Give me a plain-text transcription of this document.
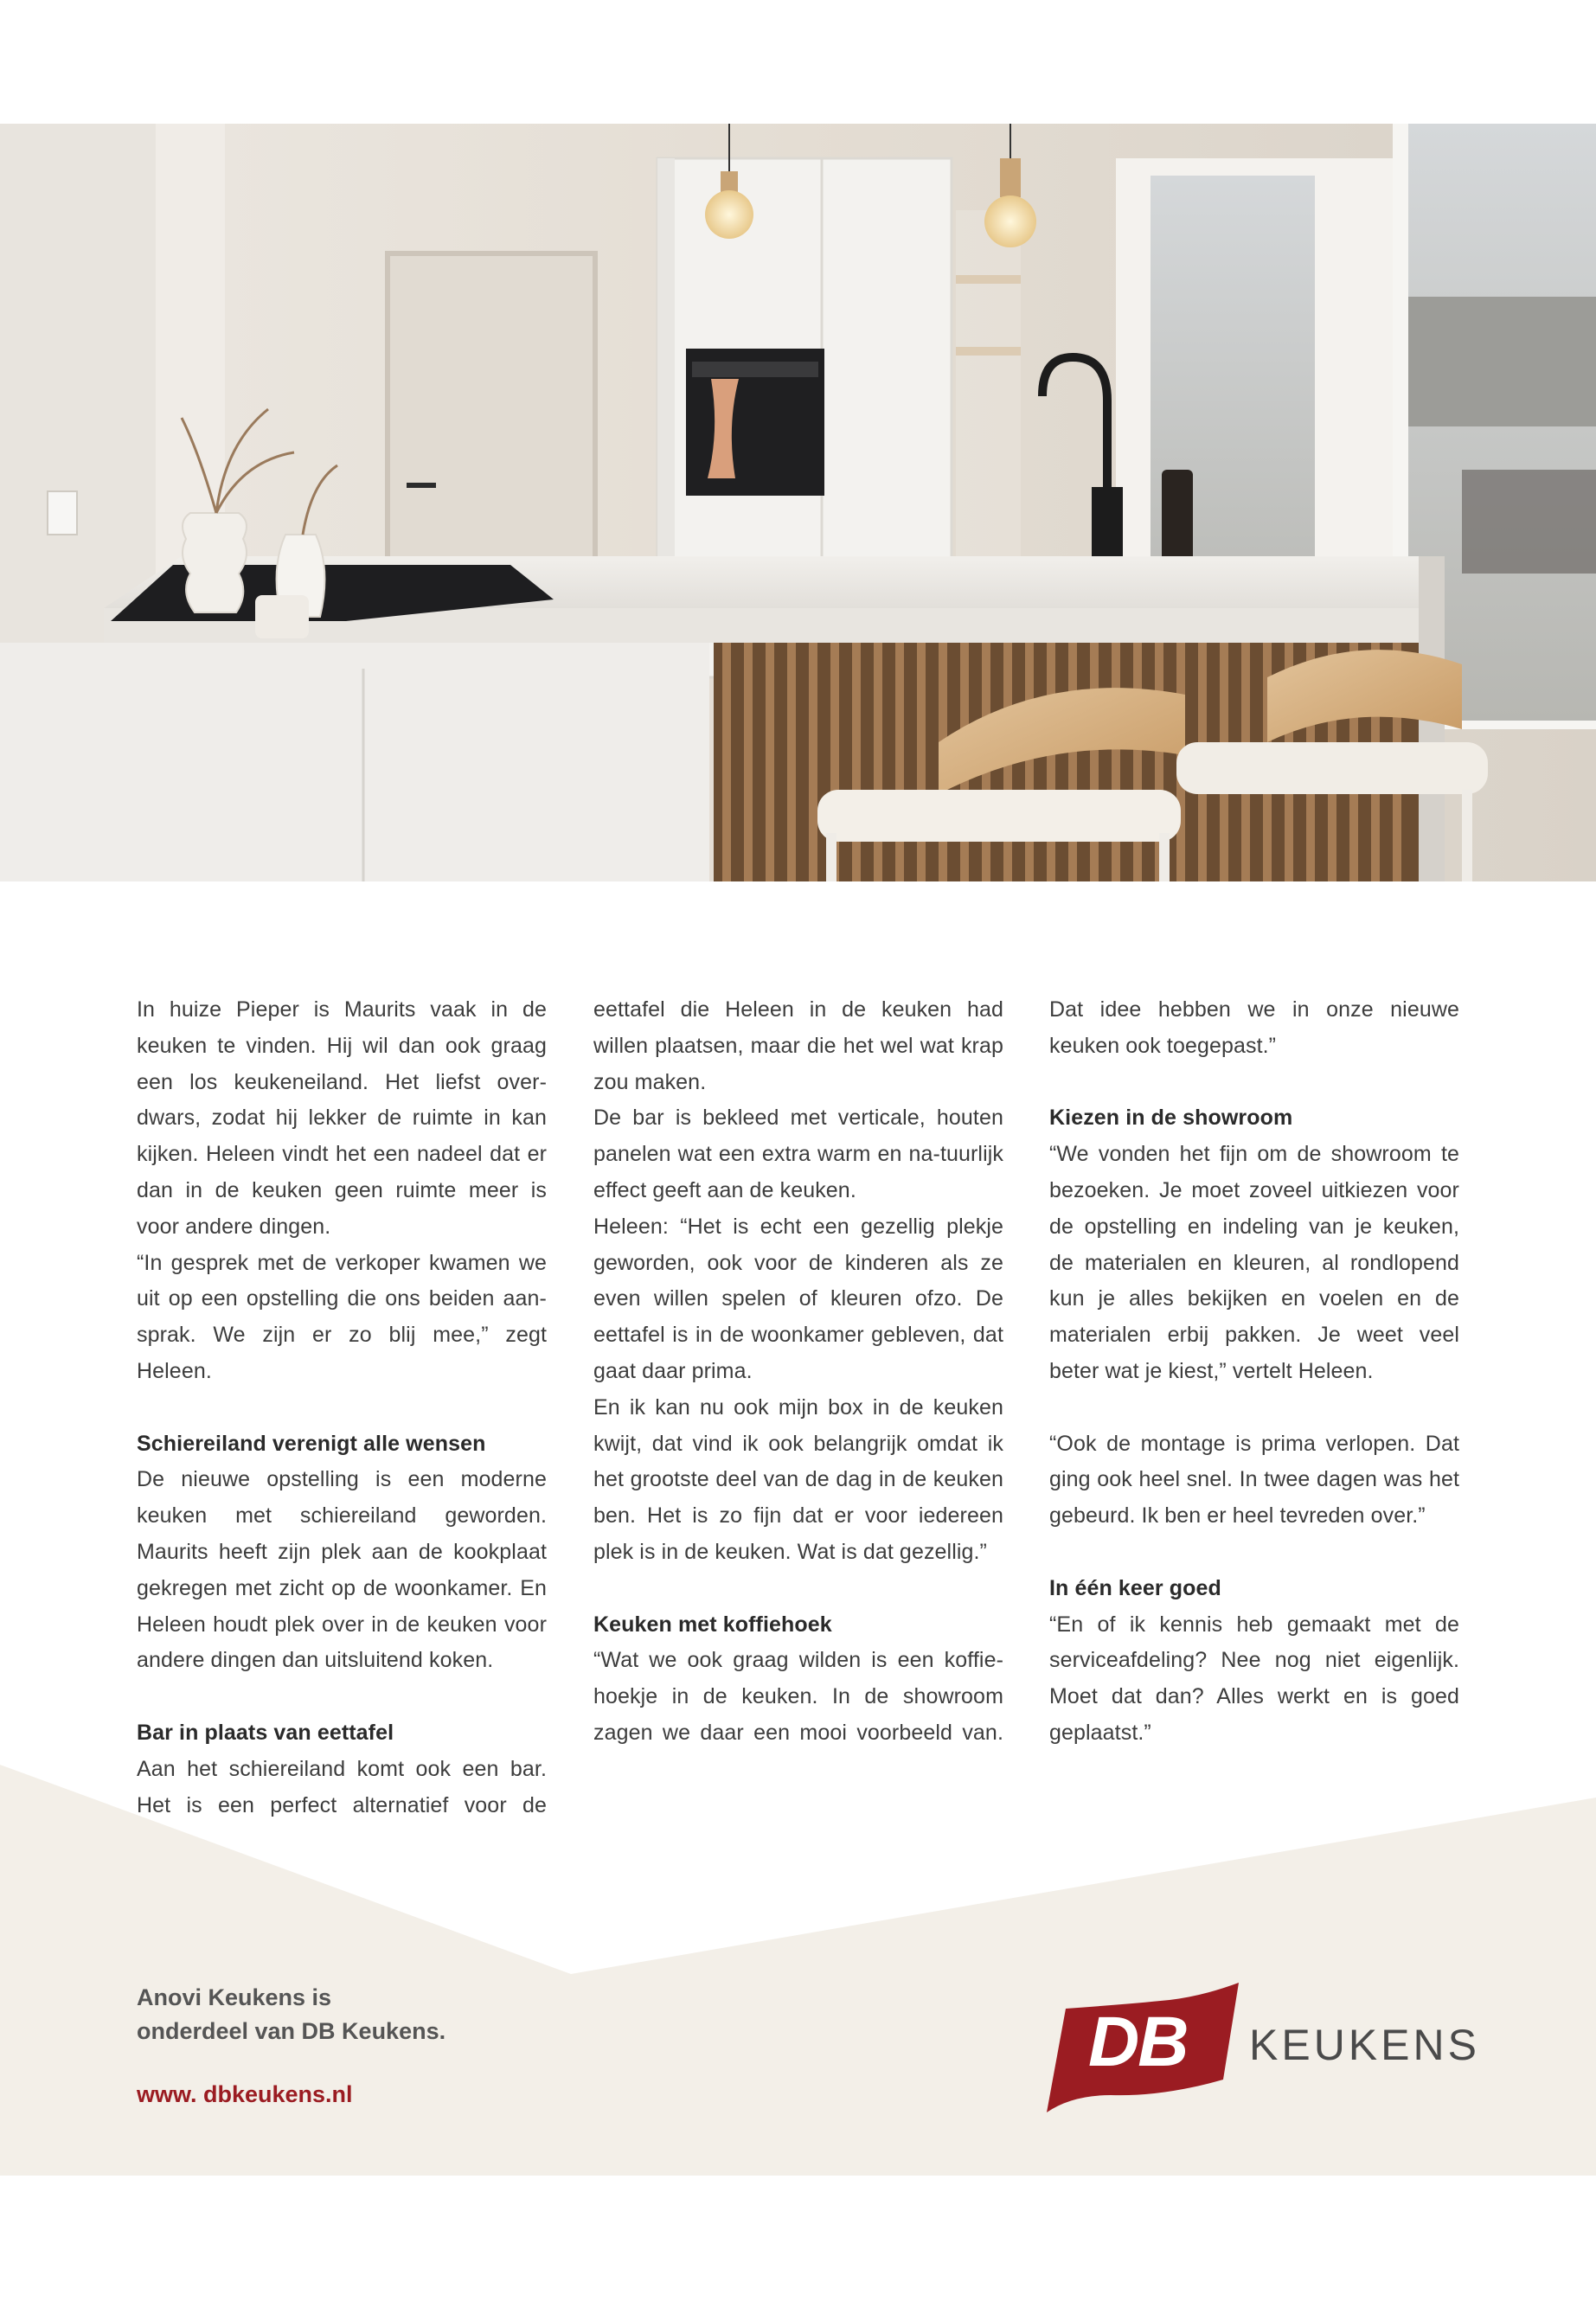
In huize Pieper is Maurits vaak in de keuken te vinden. Hij wil dan ook graag een los keukeneiland. Het liefst over-dwars, zodat hij lekker de ruimte in kan kijken. Heleen vindt het een nadeel dat er dan in de keuken geen ruimte meer is voor andere dingen.

“In gesprek met de verkoper kwamen we uit op een opstelling die ons beiden aan-sprak. We zijn er zo blij mee,” zegt Heleen.

Schiereiland verenigt alle wensen

De nieuwe opstelling is een moderne keuken met schiereiland geworden. Maurits heeft zijn plek aan de kookplaat gekregen met zicht op de woonkamer. En Heleen houdt plek over in de keuken voor andere dingen dan uitsluitend koken.

Bar in plaats van eettafel

Aan het schiereiland komt ook een bar. Het is een perfect alternatief voor de

eettafel die Heleen in de keuken had willen plaatsen, maar die het wel wat krap zou maken.

De bar is bekleed met verticale, houten panelen wat een extra warm en na-tuurlijk effect geeft aan de keuken.

Heleen: “Het is echt een gezellig plekje geworden, ook voor de kinderen als ze even willen spelen of kleuren ofzo. De eettafel is in de woonkamer gebleven, dat gaat daar prima.

En ik kan nu ook mijn box in de keuken kwijt, dat vind ik ook belangrijk omdat ik het grootste deel van de dag in de keuken ben. Het is zo fijn dat er voor iedereen plek is in de keuken. Wat is dat gezellig.”

Keuken met koffiehoek

“Wat we ook graag wilden is een koffie-hoekje in de keuken. In de showroom zagen we daar een mooi voorbeeld van.

Dat idee hebben we in onze nieuwe keuken ook toegepast.”

Kiezen in de showroom

“We vonden het fijn om de showroom te bezoeken. Je moet zoveel uitkiezen voor de opstelling en indeling van je keuken, de materialen en kleuren, al rondlopend kun je alles bekijken en voelen en de materialen erbij pakken. Je weet veel beter wat je kiest,” vertelt Heleen.

“Ook de montage is prima verlopen. Dat ging ook heel snel. In twee dagen was het gebeurd. Ik ben er heel tevreden over.”

In één keer goed

“En of ik kennis heb gemaakt met de serviceafdeling? Nee nog niet eigenlijk. Moet dat dan? Alles werkt en is goed geplaatst.”

Anovi Keukens is
onderdeel van DB Keukens.
www. dbkeukens.nl
DB KEUKENS
